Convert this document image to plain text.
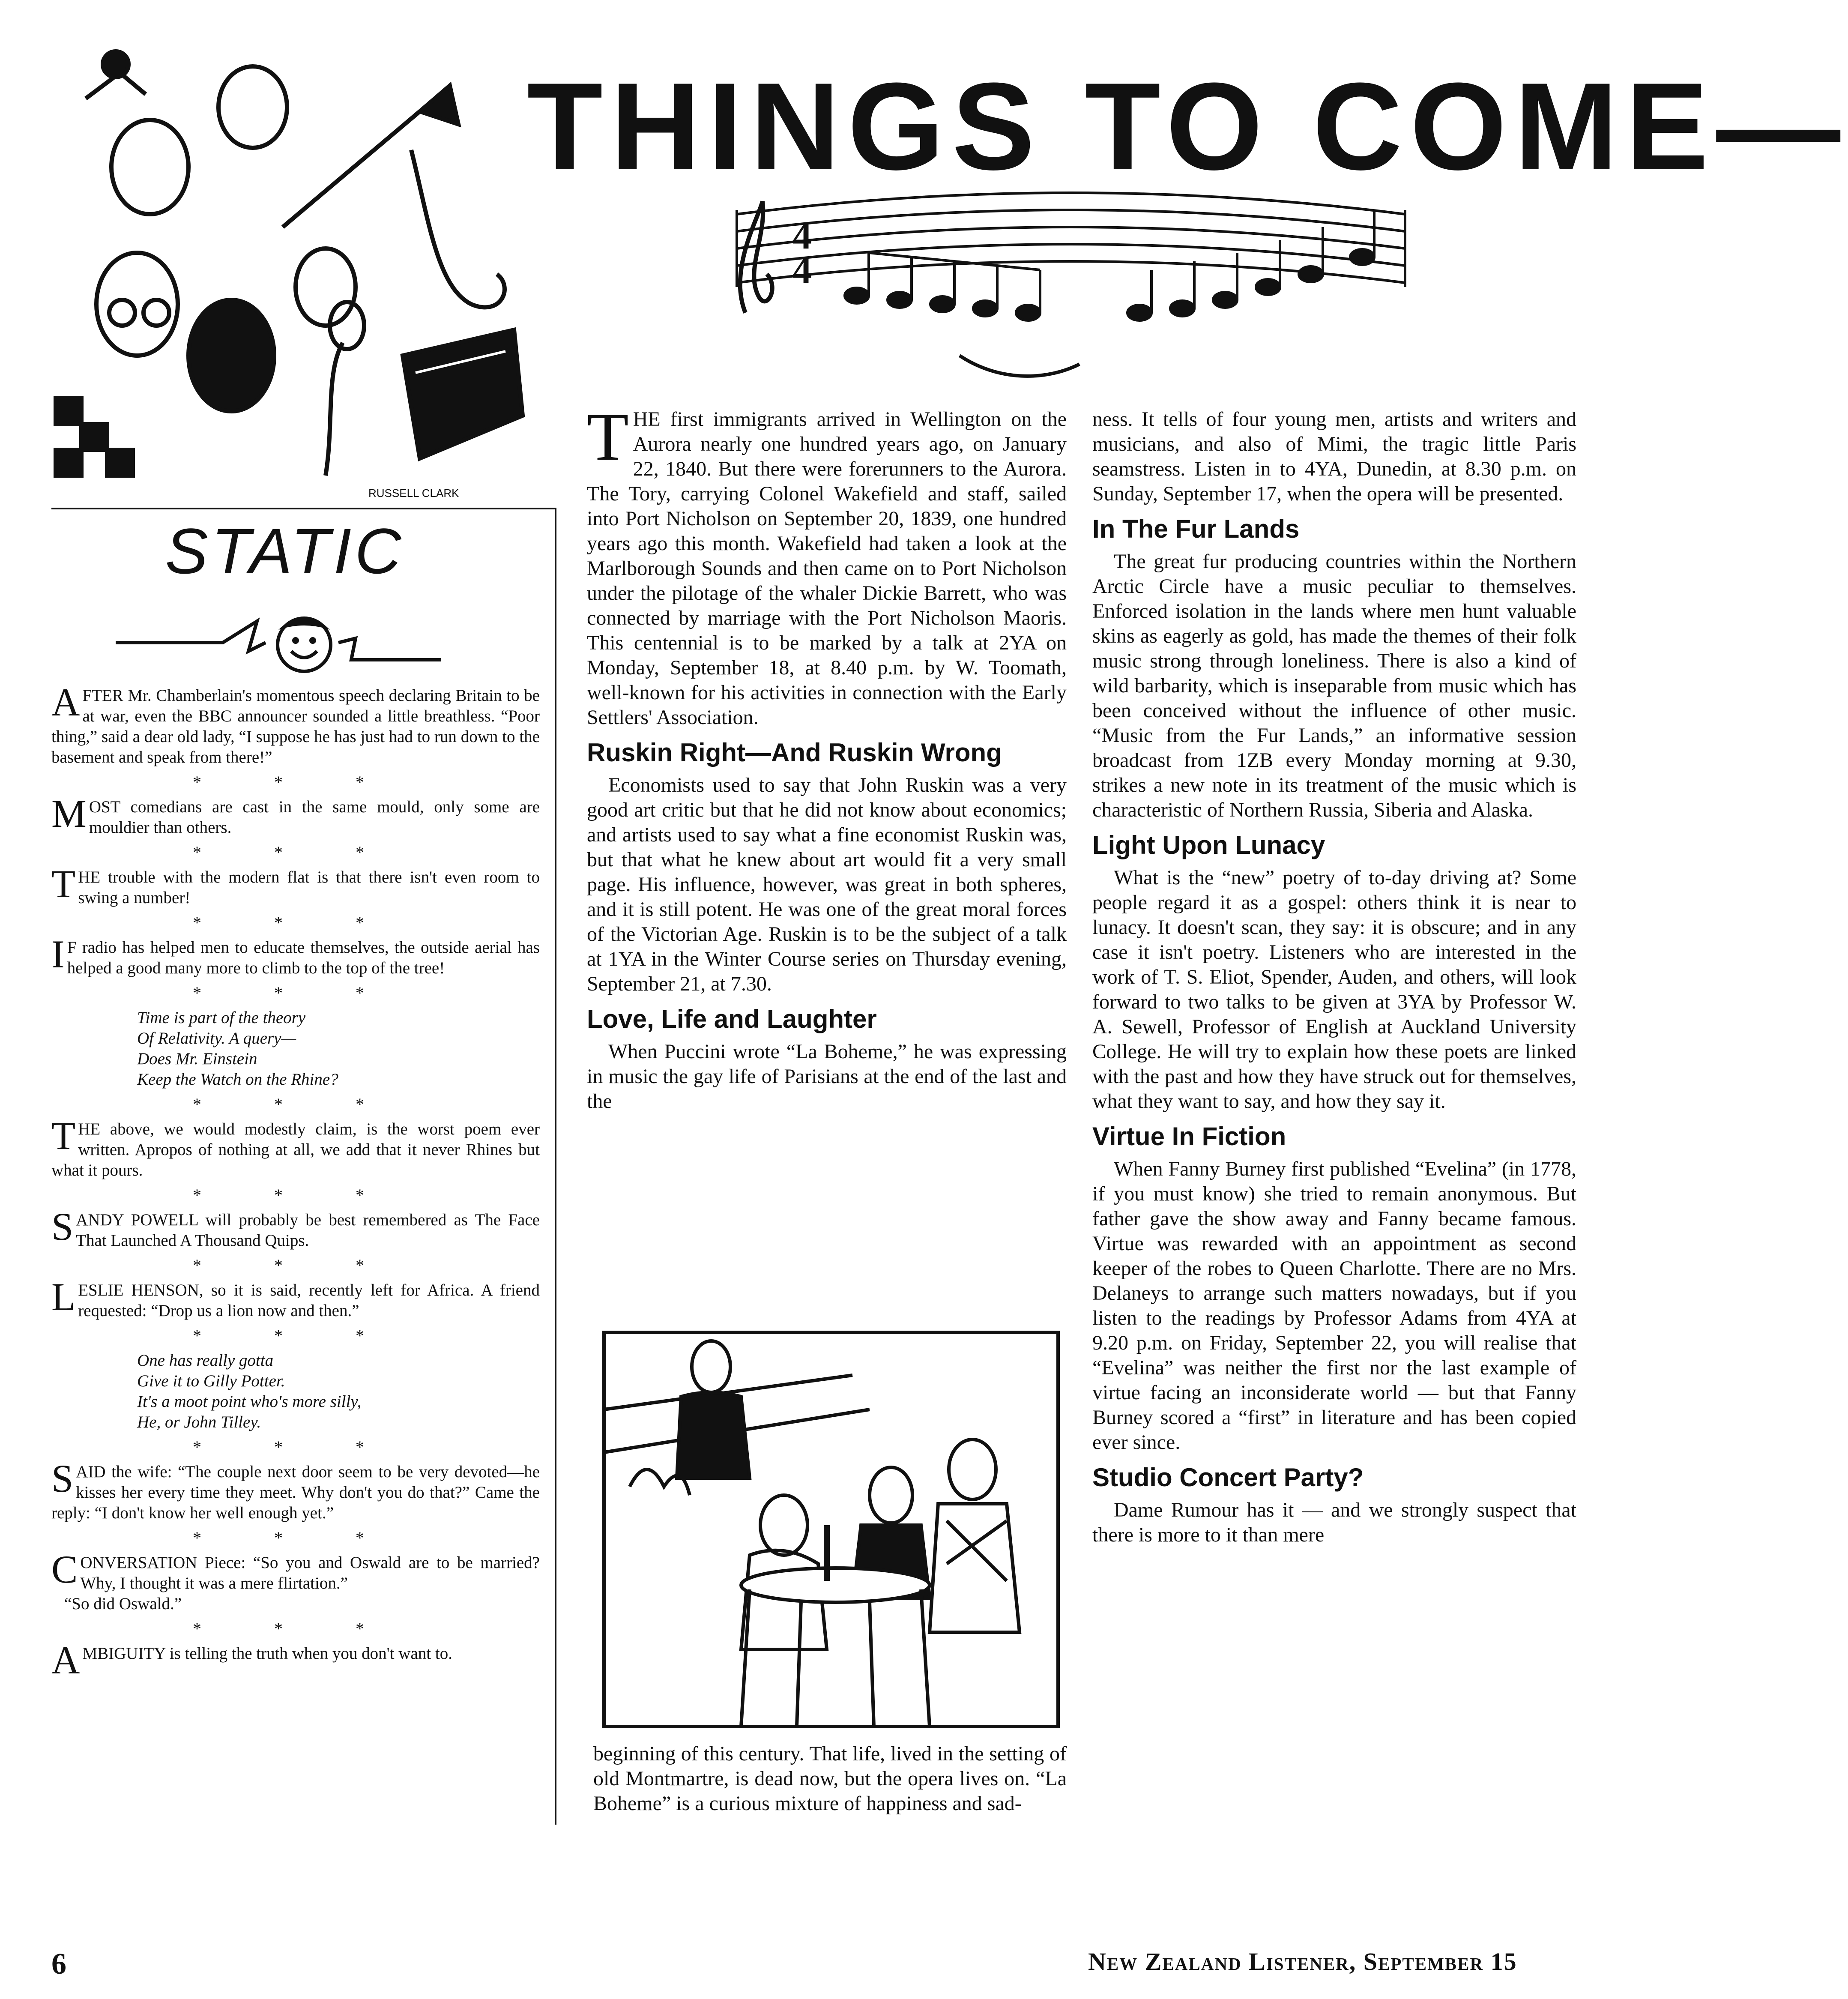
THINGS TO COME—
RUSSELL CLARK
4
4
STATIC

AFTER Mr. Chamberlain's momentous speech declaring Britain to be at war, even the BBC announcer sounded a little breathless. “Poor thing,” said a dear old lady, “I suppose he has just had to run down to the basement and speak from there!”

* * *

MOST comedians are cast in the same mould, only some are mouldier than others.

* * *

THE trouble with the modern flat is that there isn't even room to swing a number!

* * *

I F radio has helped men to educate themselves, the outside aerial has helped a good many more to climb to the top of the tree!

* * *
Time is part of the theory
Of Relativity. A query—
Does Mr. Einstein
Keep the Watch on the Rhine?
* * *

THE above, we would modestly claim, is the worst poem ever written. Apropos of nothing at all, we add that it never Rhines but what it pours.

* * *

SANDY POWELL will probably be best remembered as The Face That Launched A Thousand Quips.

* * *

LESLIE HENSON, so it is said, recently left for Africa. A friend requested: “Drop us a lion now and then.”

* * *
One has really gotta
Give it to Gilly Potter.
It's a moot point who's more silly,
He, or John Tilley.
* * *

SAID the wife: “The couple next door seem to be very devoted—he kisses her every time they meet. Why don't you do that?” Came the reply: “I don't know her well enough yet.”

* * *

CONVERSATION Piece: “So you and Oswald are to be married? Why, I thought it was a mere flirtation.”

“So did Oswald.”

* * *

AMBIGUITY is telling the truth when you don't want to.

THE first immigrants arrived in Wellington on the Aurora nearly one hundred years ago, on January 22, 1840. But there were forerunners to the Aurora. The Tory, carrying Colonel Wakefield and staff, sailed into Port Nicholson on September 20, 1839, one hundred years ago this month. Wakefield had taken a look at the Marlborough Sounds and then came on to Port Nicholson under the pilotage of the whaler Dickie Barrett, who was connected by marriage with the Port Nicholson Maoris. This centennial is to be marked by a talk at 2YA on Monday, September 18, at 8.40 p.m. by W. Toomath, well-known for his activities in connection with the Early Settlers' Association.

Ruskin Right—And Ruskin Wrong

Economists used to say that John Ruskin was a very good art critic but that he did not know about economics; and artists used to say what a fine economist Ruskin was, but that what he knew about art would fit a very small page. His influence, however, was great in both spheres, and it is still potent. He was one of the great moral forces of the Victorian Age. Ruskin is to be the subject of a talk at 1YA in the Winter Course series on Thursday evening, September 21, at 7.30.

Love, Life and Laughter

When Puccini wrote “La Boheme,” he was expressing in music the gay life of Parisians at the end of the last and the

beginning of this century. That life, lived in the setting of old Montmartre, is dead now, but the opera lives on. “La Boheme” is a curious mixture of happiness and sad-

ness. It tells of four young men, artists and writers and musicians, and also of Mimi, the tragic little Paris seamstress. Listen in to 4YA, Dunedin, at 8.30 p.m. on Sunday, September 17, when the opera will be presented.

In The Fur Lands

The great fur producing countries within the Northern Arctic Circle have a music peculiar to themselves. Enforced isolation in the lands where men hunt valuable skins as eagerly as gold, has made the themes of their folk music strong through loneliness. There is also a kind of wild barbarity, which is inseparable from music which has been conceived without the influence of other music. “Music from the Fur Lands,” an informative session broadcast from 1ZB every Monday morning at 9.30, strikes a new note in its treatment of the music which is characteristic of Northern Russia, Siberia and Alaska.

Light Upon Lunacy

What is the “new” poetry of to-day driving at? Some people regard it as a gospel: others think it is near to lunacy. It doesn't scan, they say: it is obscure; and in any case it isn't poetry. Listeners who are interested in the work of T. S. Eliot, Spender, Auden, and others, will look forward to two talks to be given at 3YA by Professor W. A. Sewell, Professor of English at Auckland University College. He will try to explain how these poets are linked with the past and how they have struck out for themselves, what they want to say, and how they say it.

Virtue In Fiction

When Fanny Burney first published “Evelina” (in 1778, if you must know) she tried to remain anonymous. But father gave the show away and Fanny became famous. Virtue was rewarded with an appointment as second keeper of the robes to Queen Charlotte. There are no Mrs. Delaneys to arrange such matters nowadays, but if you listen to the readings by Professor Adams from 4YA at 9.20 p.m. on Friday, September 22, you will realise that “Evelina” was neither the first nor the last example of virtue facing an inconsiderate world — but that Fanny Burney scored a “first” in literature and has been copied ever since.

Studio Concert Party?

Dame Rumour has it — and we strongly suspect that there is more to it than mere

6	New Zealand Listener, September 15
